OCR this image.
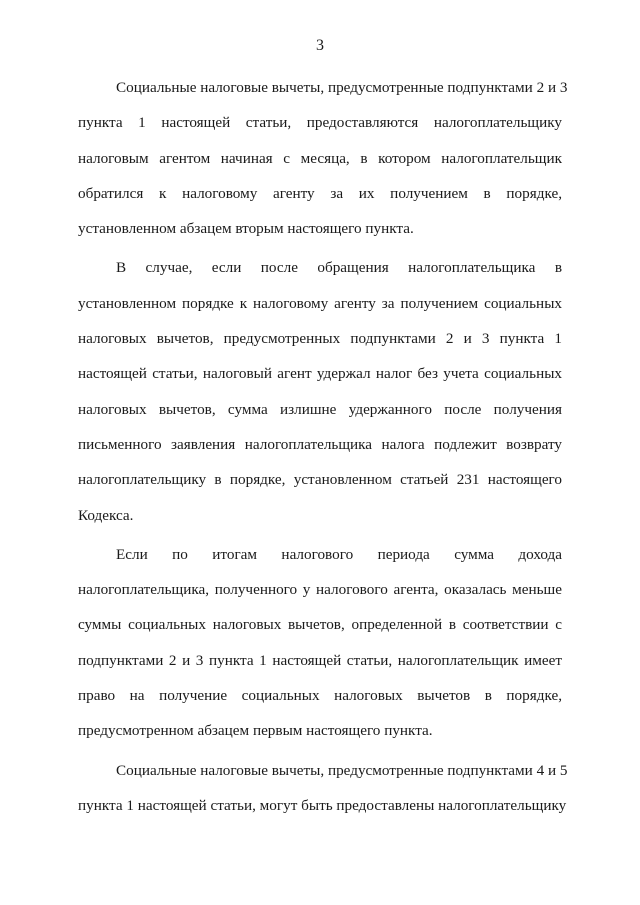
3
Социальные налоговые вычеты, предусмотренные подпунктами 2 и 3
пункта 1 настоящей статьи, предоставляются налогоплательщику
налоговым агентом начиная с месяца, в котором налогоплательщик
обратился к налоговому агенту за их получением в порядке,
установленном абзацем вторым настоящего пункта.
В случае, если после обращения налогоплательщика в
установленном порядке к налоговому агенту за получением социальных
налоговых вычетов, предусмотренных подпунктами 2 и 3 пункта 1
настоящей статьи, налоговый агент удержал налог без учета социальных
налоговых вычетов, сумма излишне удержанного после получения
письменного заявления налогоплательщика налога подлежит возврату
налогоплательщику в порядке, установленном статьей 231 настоящего
Кодекса.
Если по итогам налогового периода сумма дохода
налогоплательщика, полученного у налогового агента, оказалась меньше
суммы социальных налоговых вычетов, определенной в соответствии с
подпунктами 2 и 3 пункта 1 настоящей статьи, налогоплательщик имеет
право на получение социальных налоговых вычетов в порядке,
предусмотренном абзацем первым настоящего пункта.
Социальные налоговые вычеты, предусмотренные подпунктами 4 и 5
пункта 1 настоящей статьи, могут быть предоставлены налогоплательщику
